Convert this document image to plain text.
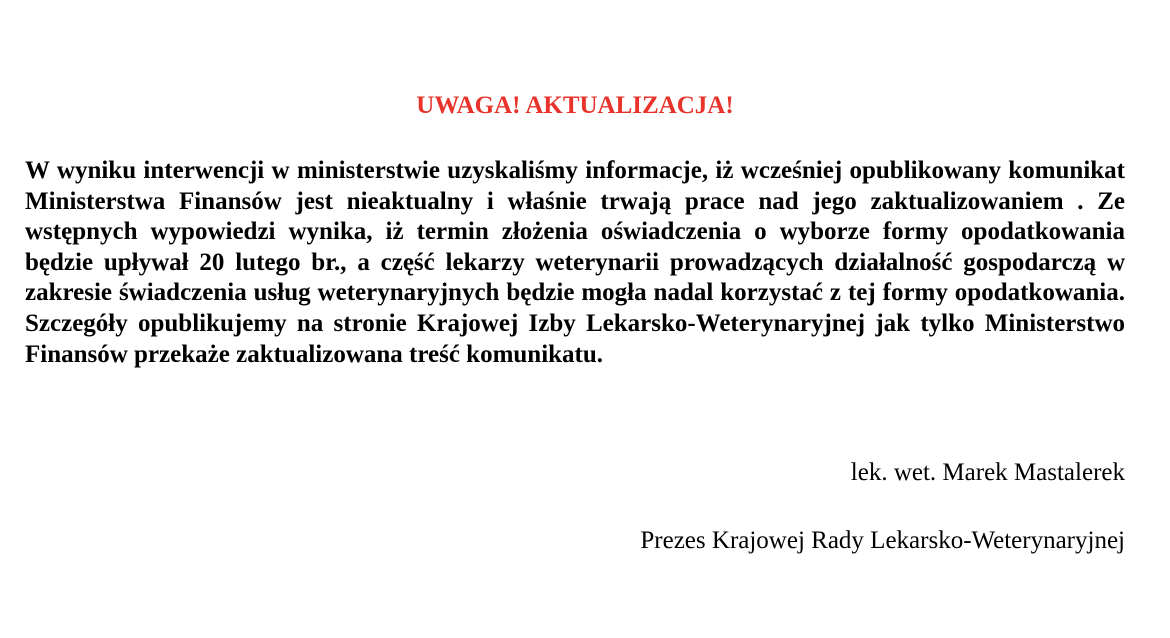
UWAGA! AKTUALIZACJA!

W wyniku interwencji w ministerstwie uzyskaliśmy informacje, iż wcześniej opublikowany komunikat Ministerstwa Finansów jest nieaktualny i właśnie trwają prace nad jego zaktualizowaniem . Ze wstępnych wypowiedzi wynika, iż termin złożenia oświadczenia o wyborze formy opodatkowania będzie upływał 20 lutego br., a część lekarzy weterynarii prowadzących działalność gospodarczą w zakresie świadczenia usług weterynaryjnych będzie mogła nadal korzystać z tej formy opodatkowania. Szczegóły opublikujemy na stronie Krajowej Izby Lekarsko-Weterynaryjnej jak tylko Ministerstwo Finansów przekaże zaktualizowana treść komunikatu.

lek. wet. Marek Mastalerek

Prezes Krajowej Rady Lekarsko-Weterynaryjnej
